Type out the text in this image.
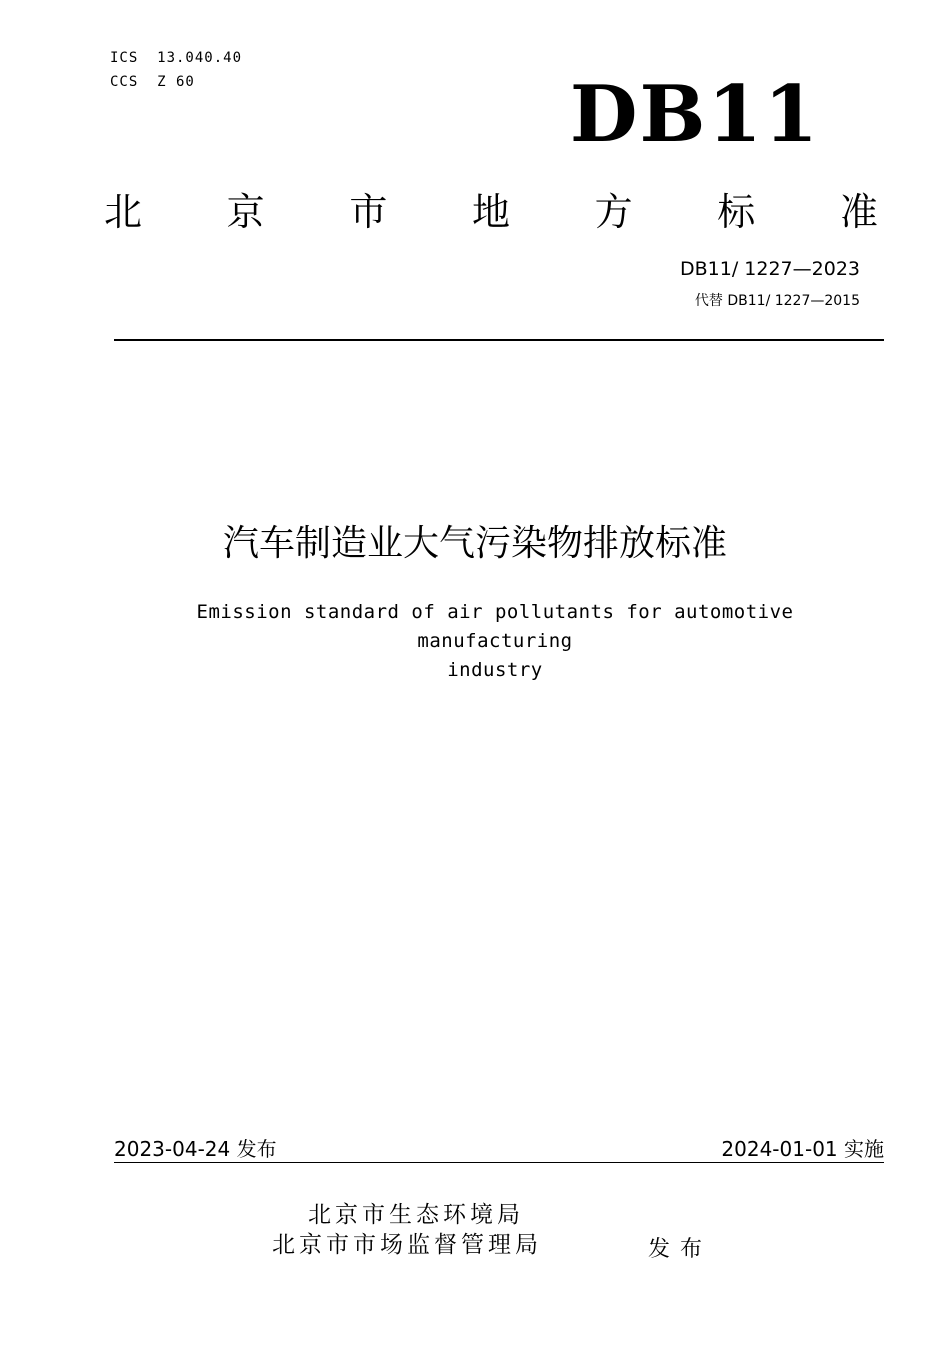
ICS  13.040.40
CCS  Z 60	DB11
北 京 市 地 方 标 准
DB11/ 1227—2023
代替 DB11/ 1227—2015
汽车制造业大气污染物排放标准
Emission standard of air pollutants for automotive manufacturing
industry
2023-04-24 发布	2024-01-01 实施
北京市生态环境局
北京市市场监督管理局	发布
